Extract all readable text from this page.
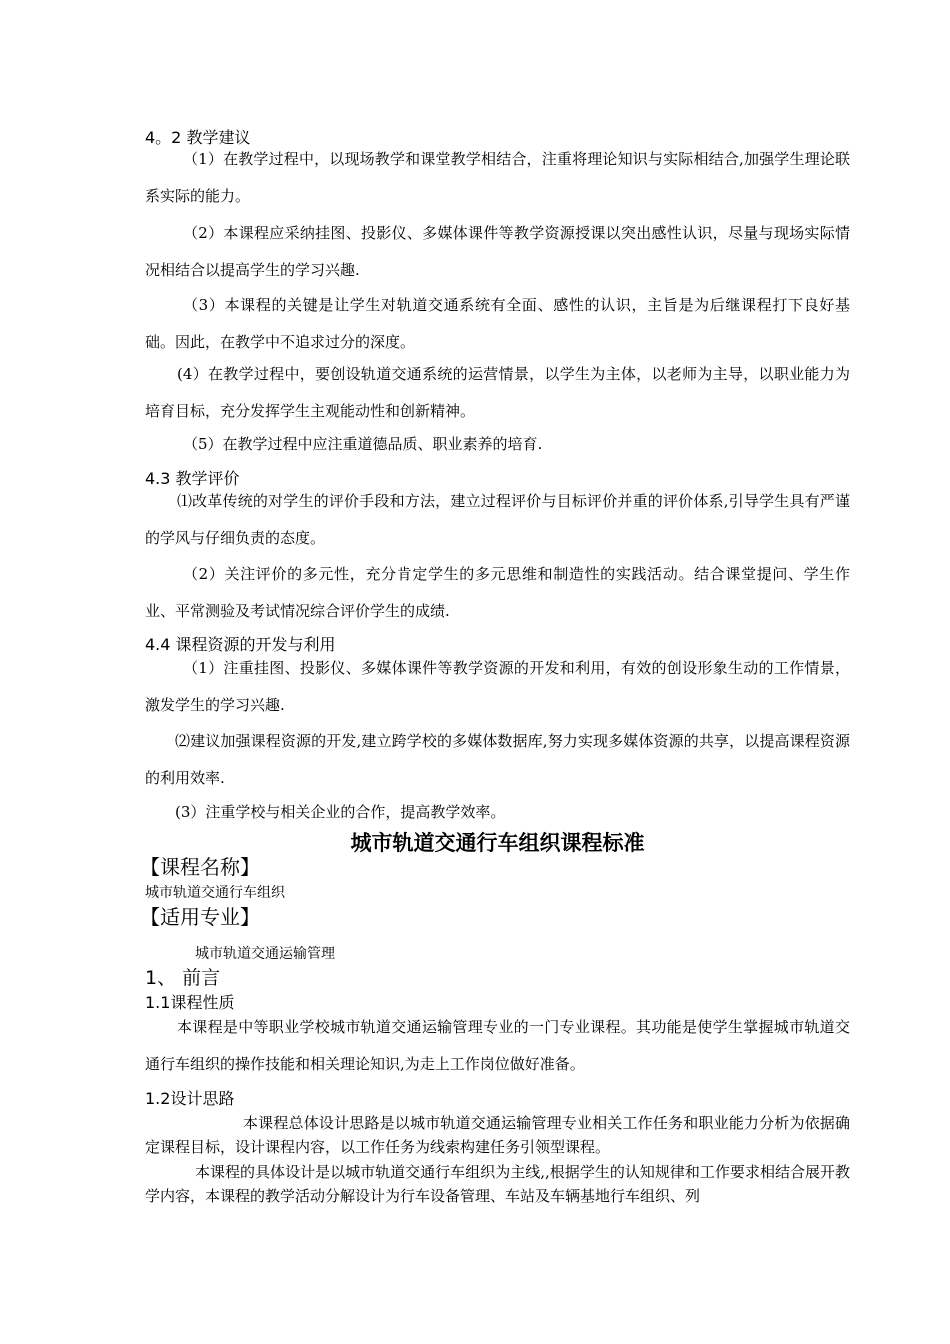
4。2 教学建议

（1）在教学过程中，以现场教学和课堂教学相结合，注重将理论知识与实际相结合,加强学生理论联系实际的能力。

（2）本课程应采纳挂图、投影仪、多媒体课件等教学资源授课以突出感性认识，尽量与现场实际情况相结合以提高学生的学习兴趣.

（3）本课程的关键是让学生对轨道交通系统有全面、感性的认识，主旨是为后继课程打下良好基础。因此，在教学中不追求过分的深度。

(4）在教学过程中，要创设轨道交通系统的运营情景，以学生为主体，以老师为主导，以职业能力为培育目标，充分发挥学生主观能动性和创新精神。

（5）在教学过程中应注重道德品质、职业素养的培育.

4.3 教学评价

⑴改革传统的对学生的评价手段和方法，建立过程评价与目标评价并重的评价体系,引导学生具有严谨的学风与仔细负责的态度。

（2）关注评价的多元性，充分肯定学生的多元思维和制造性的实践活动。结合课堂提问、学生作业、平常测验及考试情况综合评价学生的成绩.

4.4 课程资源的开发与利用

（1）注重挂图、投影仪、多媒体课件等教学资源的开发和利用，有效的创设形象生动的工作情景，激发学生的学习兴趣.

⑵建议加强课程资源的开发,建立跨学校的多媒体数据库,努力实现多媒体资源的共享，以提高课程资源的利用效率.

(3）注重学校与相关企业的合作，提高教学效率。

城市轨道交通行车组织课程标准
【课程名称】
城市轨道交通行车组织
【适用专业】
城市轨道交通运输管理
1、 前言
1.1课程性质

本课程是中等职业学校城市轨道交通运输管理专业的一门专业课程。其功能是使学生掌握城市轨道交通行车组织的操作技能和相关理论知识,为走上工作岗位做好准备。

1.2设计思路

本课程总体设计思路是以城市轨道交通运输管理专业相关工作任务和职业能力分析为依据确定课程目标，设计课程内容，以工作任务为线索构建任务引领型课程。

本课程的具体设计是以城市轨道交通行车组织为主线,,根据学生的认知规律和工作要求相结合展开教学内容，本课程的教学活动分解设计为行车设备管理、车站及车辆基地行车组织、列
